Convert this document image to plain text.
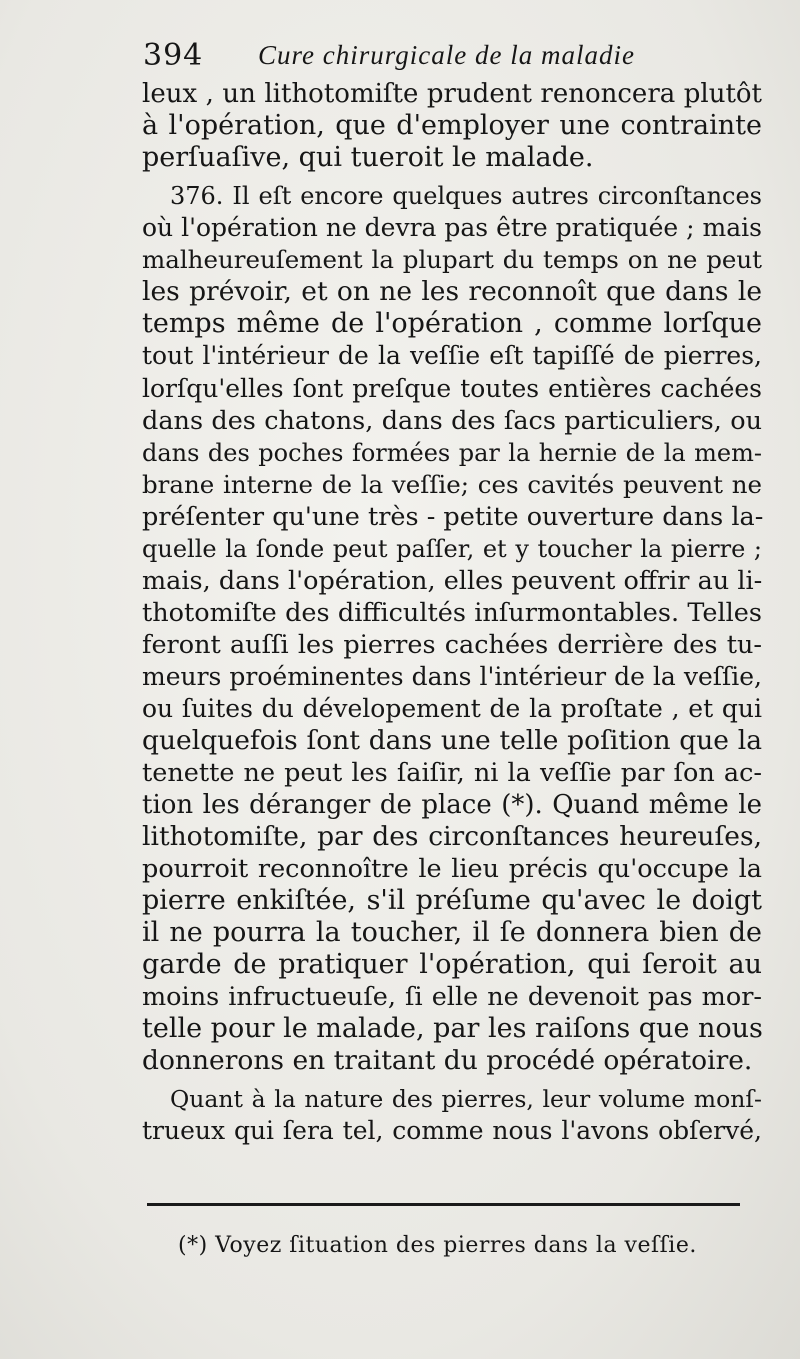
394 Cure chirurgicale de la maladie
leux , un lithotomiſte prudent renoncera plutôt
à l'opération, que d'employer une contrainte
perſuaſive, qui tueroit le malade.
376. Il eſt encore quelques autres circonſtances
où l'opération ne devra pas être pratiquée ; mais
malheureuſement la plupart du temps on ne peut
les prévoir, et on ne les reconnoît que dans le
temps même de l'opération , comme lorſque
tout l'intérieur de la veſſie eſt tapiſſé de pierres,
lorſqu'elles ſont preſque toutes entières cachées
dans des chatons, dans des ſacs particuliers, ou
dans des poches formées par la hernie de la mem-
brane interne de la veſſie; ces cavités peuvent ne
préſenter qu'une très - petite ouverture dans la-
quelle la ſonde peut paſſer, et y toucher la pierre ;
mais, dans l'opération, elles peuvent offrir au li-
thotomiſte des difficultés inſurmontables. Telles
feront auſſi les pierres cachées derrière des tu-
meurs proéminentes dans l'intérieur de la veſſie,
ou ſuites du dévelopement de la proſtate , et qui
quelquefois ſont dans une telle poſition que la
tenette ne peut les ſaiſir, ni la veſſie par ſon ac-
tion les déranger de place (*). Quand même le
lithotomiſte, par des circonſtances heureuſes,
pourroit reconnoître le lieu précis qu'occupe la
pierre enkiſtée, s'il préſume qu'avec le doigt
il ne pourra la toucher, il ſe donnera bien de
garde de pratiquer l'opération, qui ſeroit au
moins infructueuſe, ſi elle ne devenoit pas mor-
telle pour le malade, par les raiſons que nous
donnerons en traitant du procédé opératoire.
Quant à la nature des pierres, leur volume monſ-
trueux qui ſera tel, comme nous l'avons obſervé,
(*) Voyez ſituation des pierres dans la veſſie.
